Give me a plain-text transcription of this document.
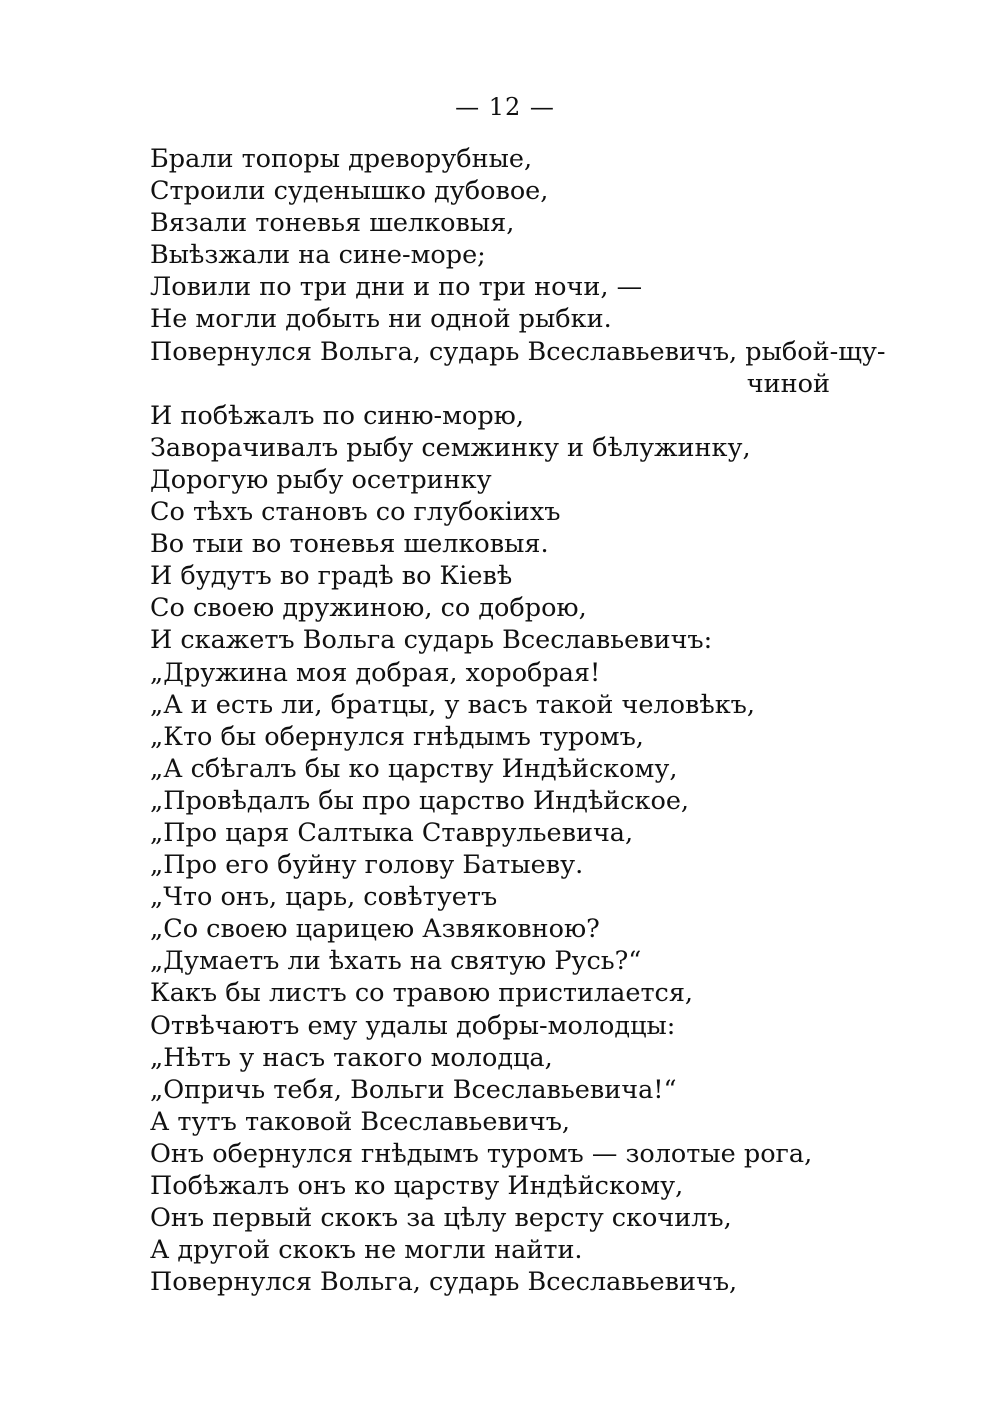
— 12 —
Брали топоры древорубные,
Строили суденышко дубовое,
Вязали тоневья шелковыя,
Выѣзжали на сине-море;
Ловили по три дни и по три ночи, —
Не могли добыть ни одной рыбки.
Повернулся Вольга, сударь Всеславьевичъ, рыбой-щу-
чиной
И побѣжалъ по синю-морю,
Заворачивалъ рыбу семжинку и бѣлужинку,
Дорогую рыбу осетринку
Со тѣхъ становъ со глубокіихъ
Во тыи во тоневья шелковыя.
И будутъ во градѣ во Кіевѣ
Со своею дружиною, со доброю,
И скажетъ Вольга сударь Всеславьевичъ:
„Дружина моя добрая, хоробрая!
„А и есть ли, братцы, у васъ такой человѣкъ,
„Кто бы обернулся гнѣдымъ туромъ,
„А сбѣгалъ бы ко царству Индѣйскому,
„Провѣдалъ бы про царство Индѣйское,
„Про царя Салтыка Ставрульевича,
„Про его буйну голову Батыеву.
„Что онъ, царь, совѣтуетъ
„Со своею царицею Азвяковною?
„Думаетъ ли ѣхать на святую Русь?“
Какъ бы листъ со травою пристилается,
Отвѣчаютъ ему удалы добры-молодцы:
„Нѣтъ у насъ такого молодца,
„Опричь тебя, Вольги Всеславьевича!“
А тутъ таковой Всеславьевичъ,
Онъ обернулся гнѣдымъ туромъ — золотые рога,
Побѣжалъ онъ ко царству Индѣйскому,
Онъ первый скокъ за цѣлу версту скочилъ,
А другой скокъ не могли найти.
Повернулся Вольга, сударь Всеславьевичъ,
